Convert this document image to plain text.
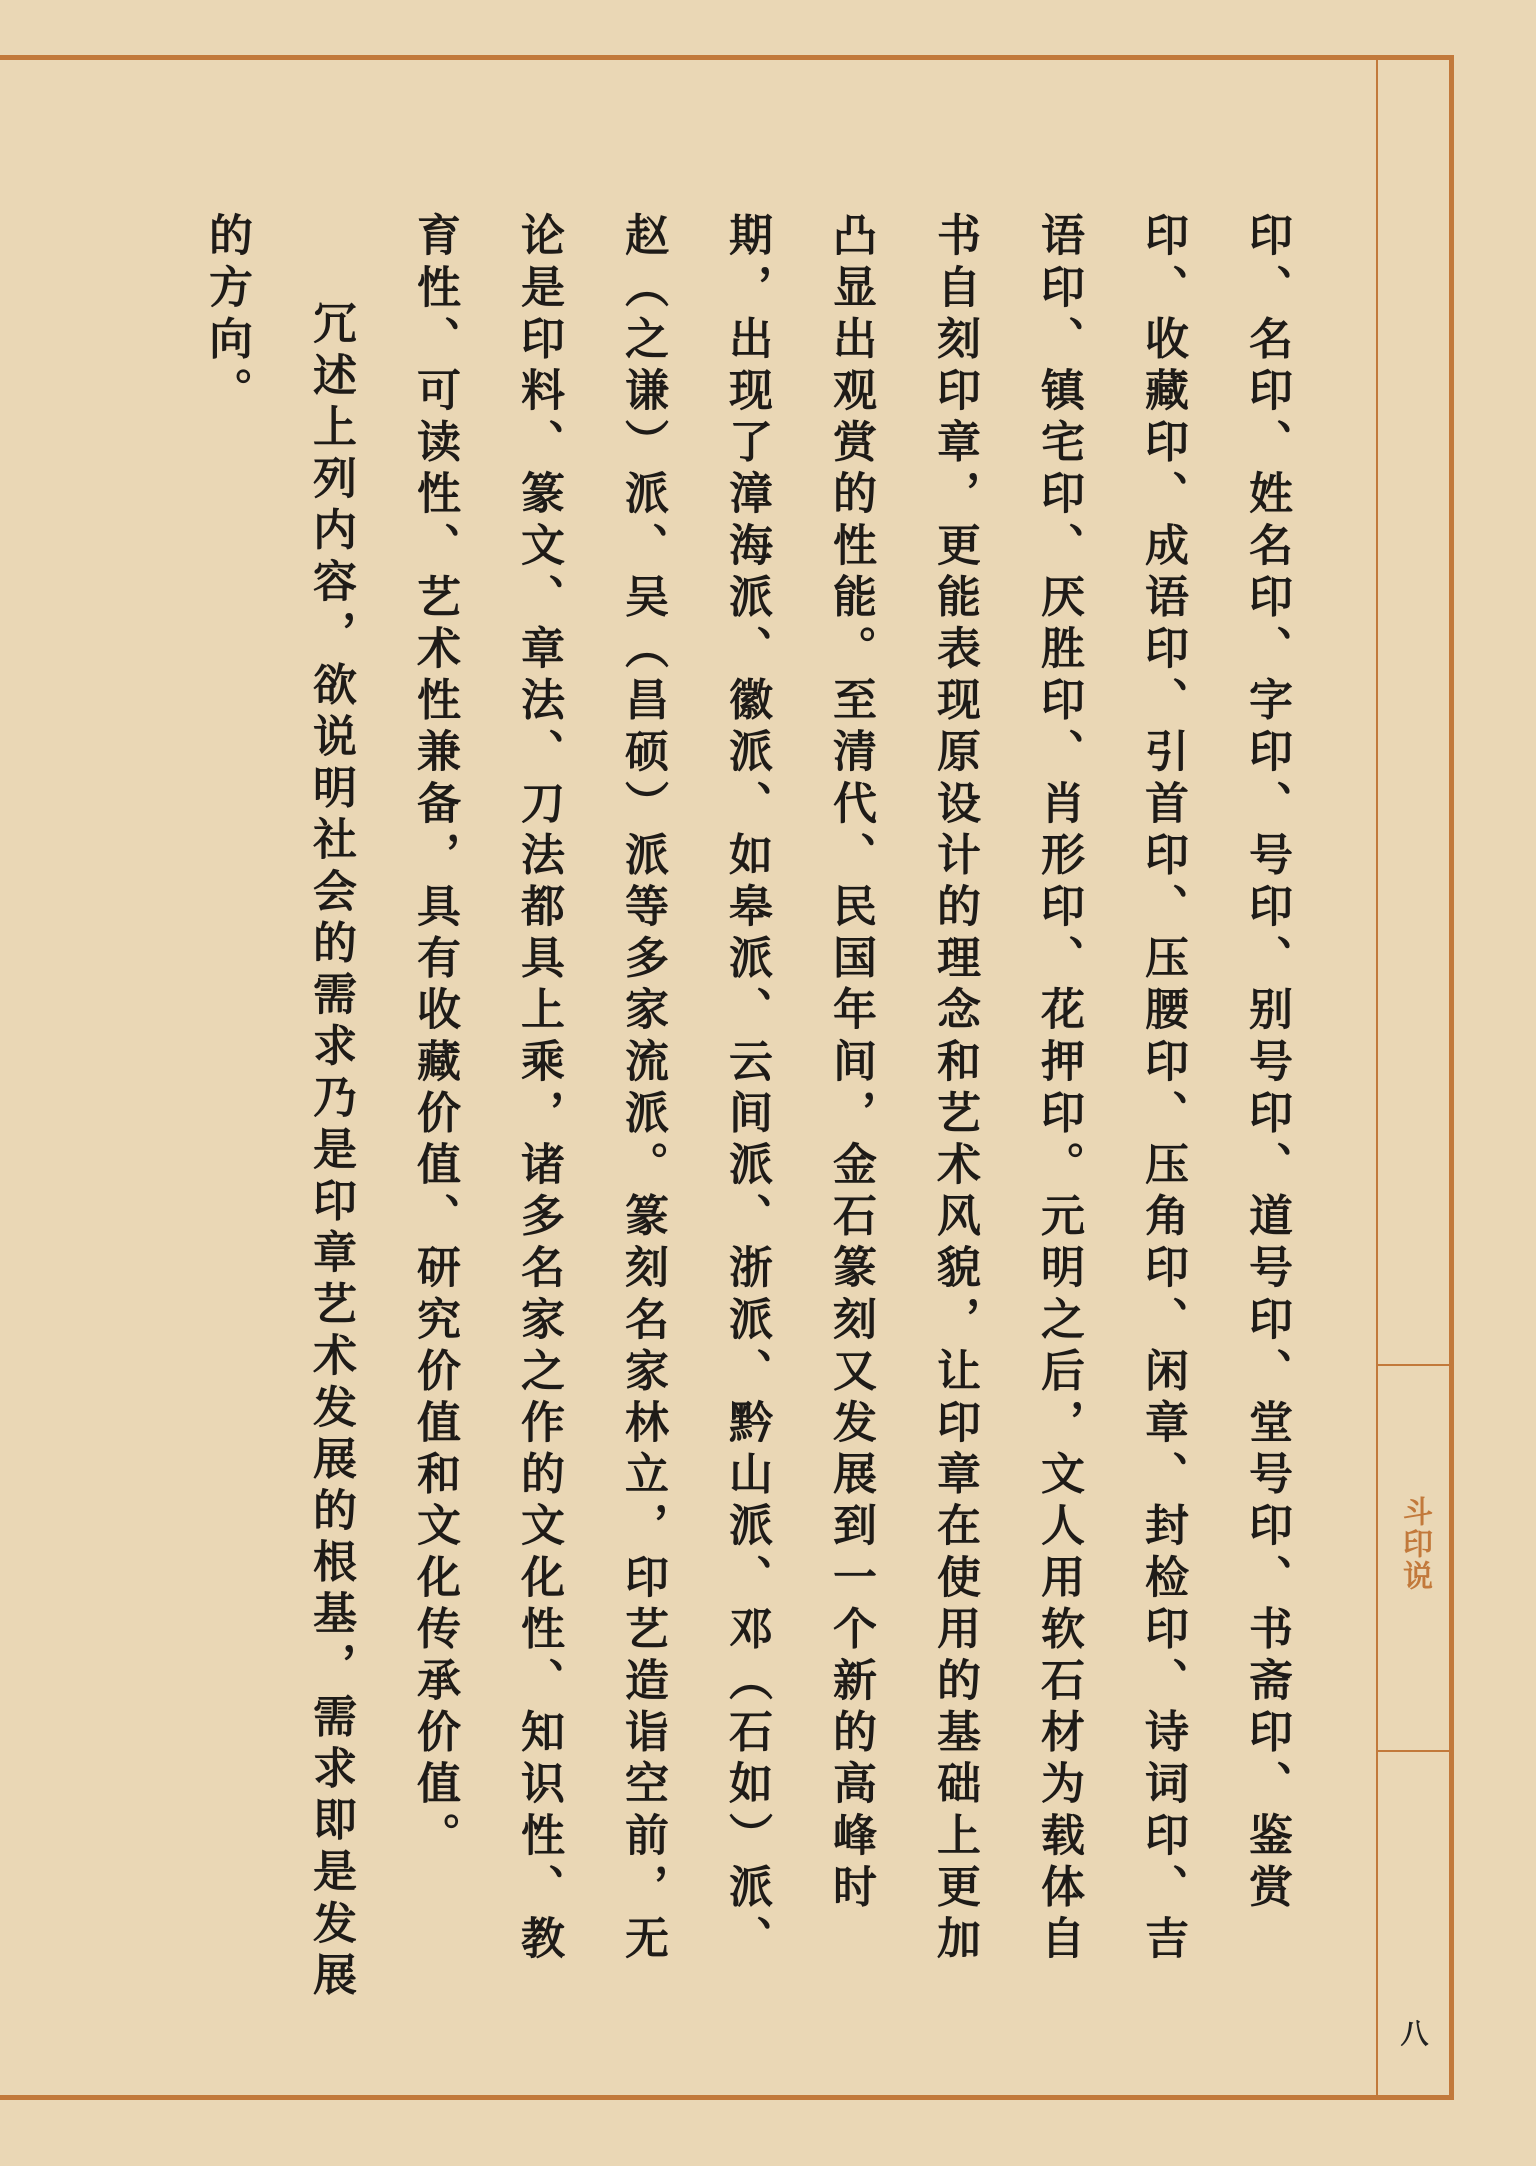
斗印说
八

印、名印、姓名印、字印、号印、别号印、道号印、堂号印、书斋印、鉴赏印、收藏印、成语印、引首印、压腰印、压角印、闲章、封检印、诗词印、吉语印、镇宅印、厌胜印、肖形印、花押印。元明之后，文人用软石材为载体自书自刻印章，更能表现原设计的理念和艺术风貌，让印章在使用的基础上更加凸显出观赏的性能。至清代、民国年间，金石篆刻又发展到一个新的高峰时期，出现了漳海派、徽派、如皋派、云间派、浙派、黔山派、邓（石如）派、赵（之谦）派、吴（昌硕）派等多家流派。篆刻名家林立，印艺造诣空前，无论是印料、篆文、章法、刀法都具上乘，诸多名家之作的文化性、知识性、教育性、可读性、艺术性兼备，具有收藏价值、研究价值和文化传承价值。

冗述上列内容，欲说明社会的需求乃是印章艺术发展的根基，需求即是发展的方向。
